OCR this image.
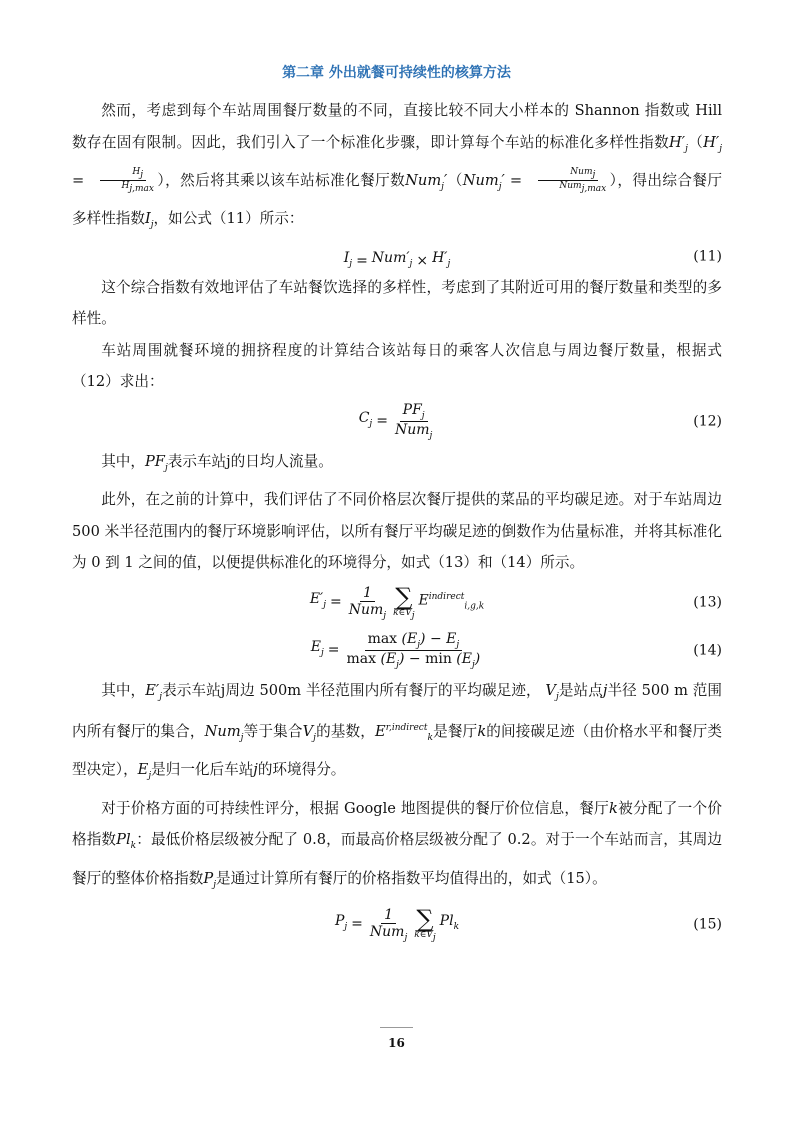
第二章 外出就餐可持续性的核算方法

然而，考虑到每个车站周围餐厅数量的不同，直接比较不同大小样本的 Shannon 指数或 Hill 数存在固有限制。因此，我们引入了一个标准化步骤，即计算每个车站的标准化多样性指数$H'_j(H'_j = \frac{H_j}{H_{j,max}}$ ），然后将其乘以该车站标准化餐厅数$Num_j'(Num_j' = \frac{Num_j}{Num_{j,max}}$ ），得出综合餐厅多样性指数$I_j$，如公式（11）所示：

$I_j = Num'_j \times H'_j$	(11)

这个综合指数有效地评估了车站餐饮选择的多样性，考虑到了其附近可用的餐厅数量和类型的多样性。

车站周围就餐环境的拥挤程度的计算结合该站每日的乘客人次信息与周边餐厅数量，根据式（12）求出：

$C_j = \frac{PF_j}{Num_j}$	(12)

其中，$PF_j$表示车站j的日均人流量。

此外，在之前的计算中，我们评估了不同价格层次餐厅提供的菜品的平均碳足迹。对于车站周边 500 米半径范围内的餐厅环境影响评估，以所有餐厅平均碳足迹的倒数作为估量标准，并将其标准化为 0 到 1 之间的值，以便提供标准化的环境得分，如式（13）和（14）所示。

$E'_j = \frac{1}{Num_j}$ ∑
$k\in V_j$
$E^{indirect}_{i,g,k}$	(13)
$E_j = \frac{\max (E_j) - E_j}{\max (E_j) - \min (E_j)}$	(14)

其中，$E'_j$表示车站j周边 500m 半径范围内所有餐厅的平均碳足迹， $V_j$是站点j半径 500 m 范围内所有餐厅的集合，Num$_j$等于集合$V_j$的基数，$E^{r,indirect}_k$是餐厅k的间接碳足迹（由价格水平和餐厅类型决定），$E_j$是归一化后车站j的环境得分。

对于价格方面的可持续性评分，根据 Google 地图提供的餐厅价位信息，餐厅k被分配了一个价格指数$Pl_k$：最低价格层级被分配了 0.8，而最高价格层级被分配了 0.2。对于一个车站而言，其周边餐厅的整体价格指数$P_j$是通过计算所有餐厅的价格指数平均值得出的，如式（15）。

$P_j = \frac{1}{Num_j}$ ∑
$k\in V_j$
$Pl_k$	(15)
16
